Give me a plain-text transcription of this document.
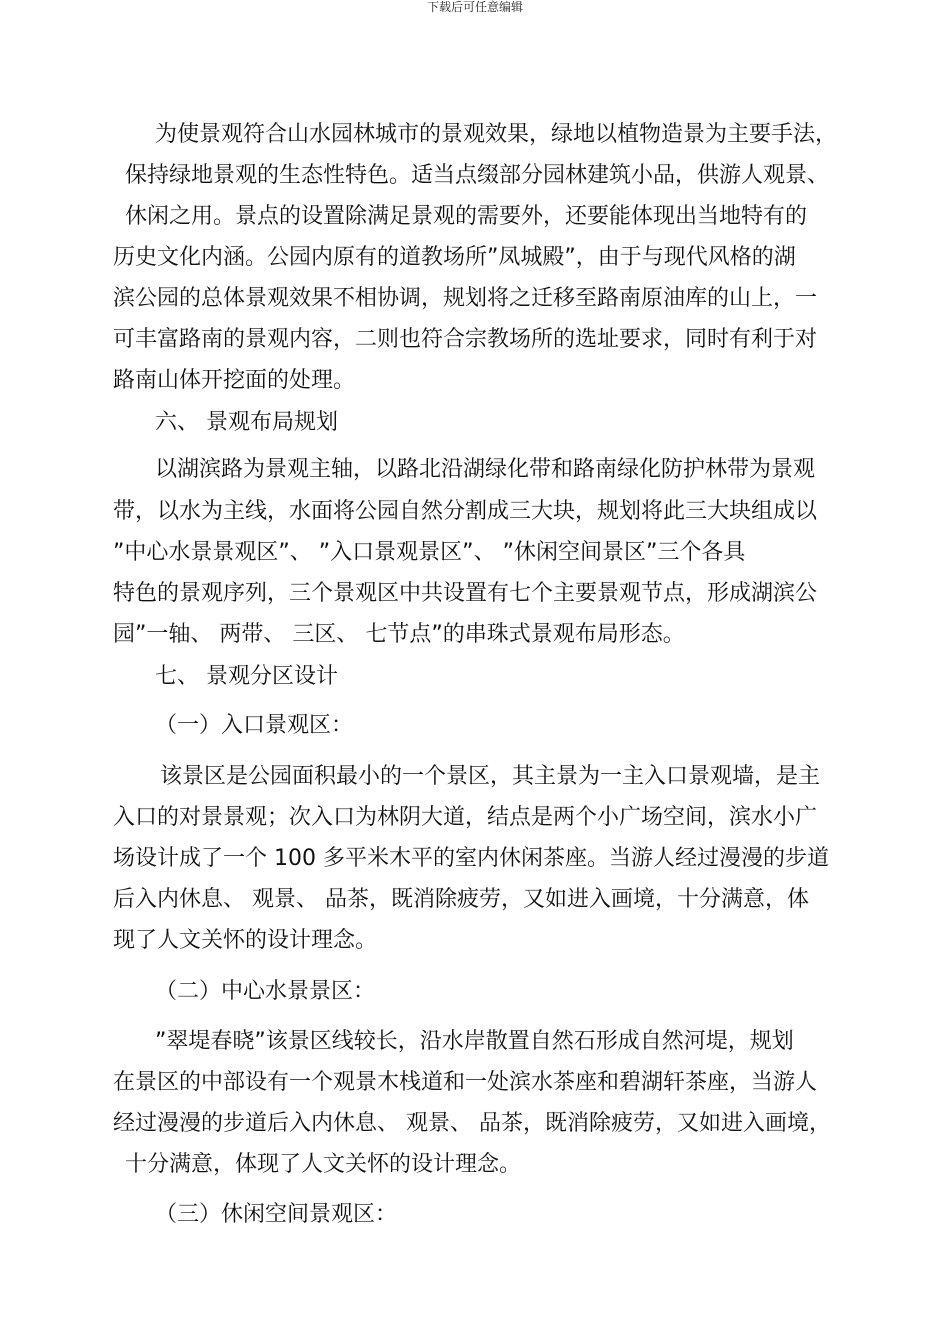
下载后可任意编辑
为使景观符合山水园林城市的景观效果，绿地以植物造景为主要手法，
保持绿地景观的生态性特色。适当点缀部分园林建筑小品，供游人观景、
休闲之用。景点的设置除满足景观的需要外，还要能体现出当地特有的
历史文化内涵。公园内原有的道教场所”凤城殿”，由于与现代风格的湖
滨公园的总体景观效果不相协调，规划将之迁移至路南原油库的山上，一
可丰富路南的景观内容，二则也符合宗教场所的选址要求，同时有利于对
路南山体开挖面的处理。
六、 景观布局规划
以湖滨路为景观主轴，以路北沿湖绿化带和路南绿化防护林带为景观
带，以水为主线，水面将公园自然分割成三大块，规划将此三大块组成以
”中心水景景观区”、 ”入口景观景区”、 ”休闲空间景区”三个各具
特色的景观序列，三个景观区中共设置有七个主要景观节点，形成湖滨公
园”一轴、 两带、 三区、 七节点”的串珠式景观布局形态。
七、 景观分区设计
（一）入口景观区：
该景区是公园面积最小的一个景区，其主景为一主入口景观墙，是主
入口的对景景观；次入口为林阴大道，结点是两个小广场空间，滨水小广
场设计成了一个 100 多平米木平的室内休闲茶座。当游人经过漫漫的步道
后入内休息、 观景、 品茶，既消除疲劳，又如进入画境，十分满意，体
现了人文关怀的设计理念。
（二）中心水景景区：
”翠堤春晓”该景区线较长，沿水岸散置自然石形成自然河堤，规划
在景区的中部设有一个观景木栈道和一处滨水茶座和碧湖轩茶座，当游人
经过漫漫的步道后入内休息、 观景、 品茶，既消除疲劳，又如进入画境，
十分满意，体现了人文关怀的设计理念。
（三）休闲空间景观区：
